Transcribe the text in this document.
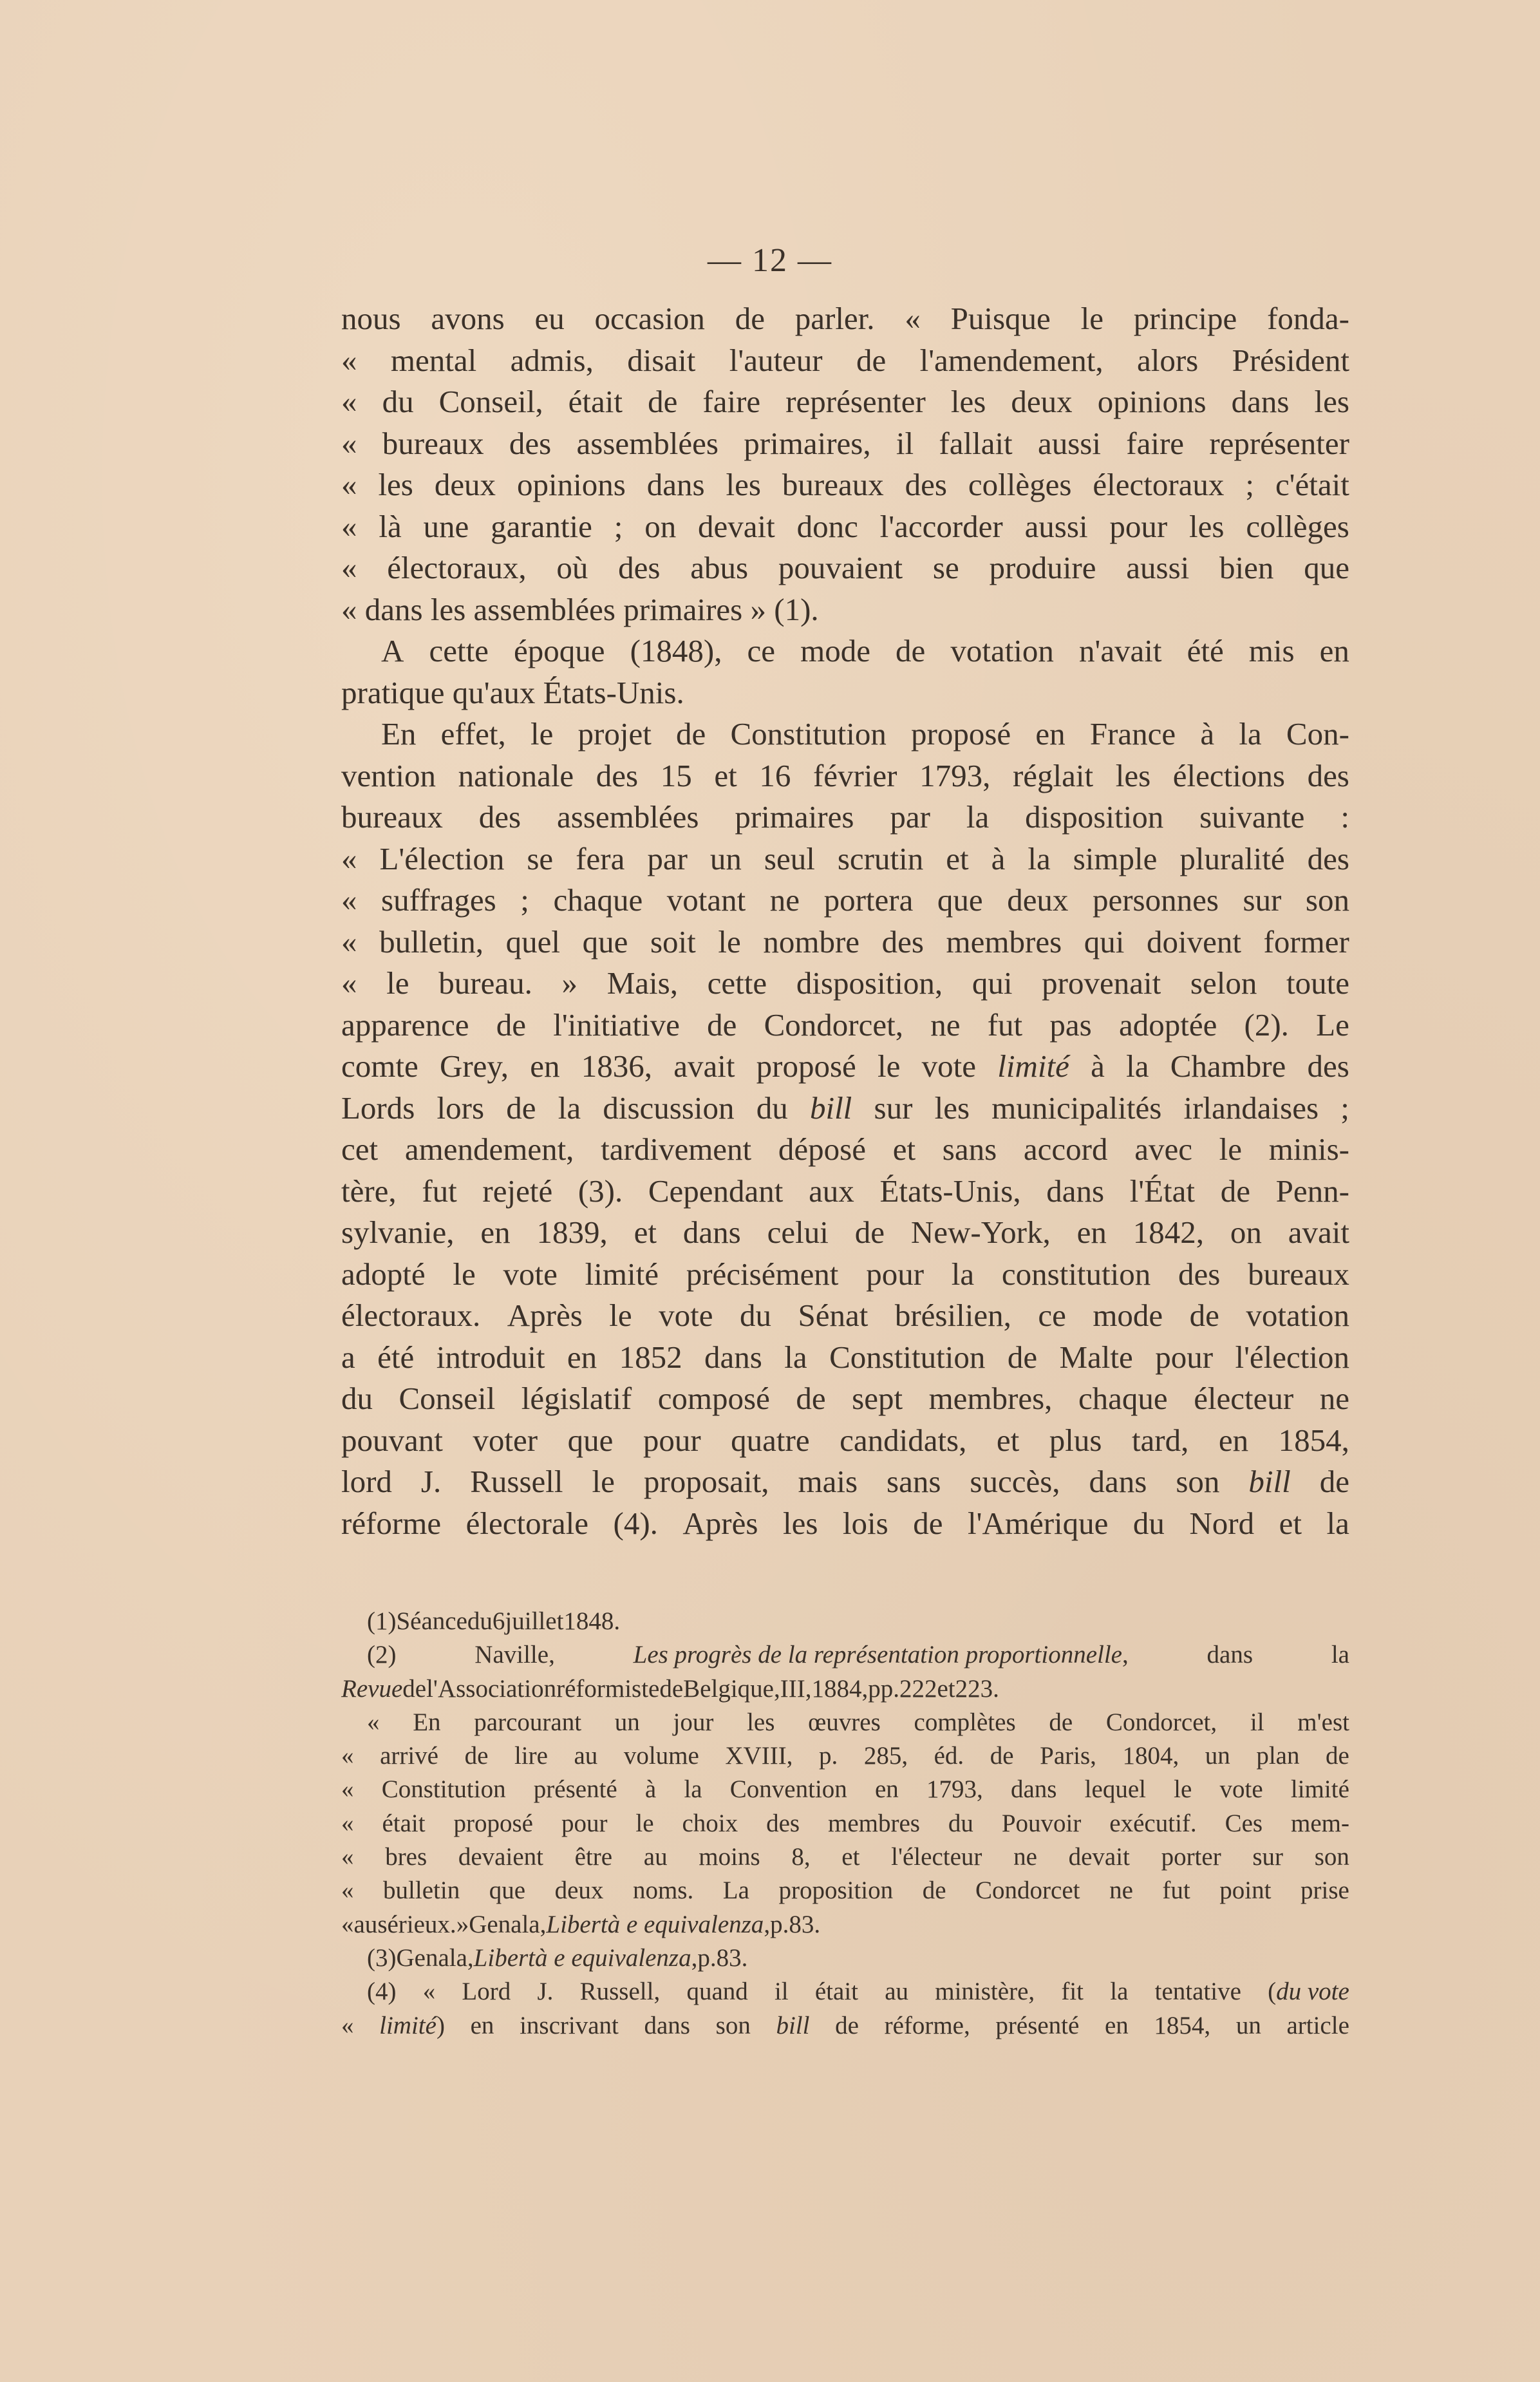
— 12 —
nous avons eu occasion de parler. « Puisque le principe fonda-
« mental admis, disait l'auteur de l'amendement, alors Président
« du Conseil, était de faire représenter les deux opinions dans les
« bureaux des assemblées primaires, il fallait aussi faire représenter
« les deux opinions dans les bureaux des collèges électoraux ; c'était
« là une garantie ; on devait donc l'accorder aussi pour les collèges
« électoraux, où des abus pouvaient se produire aussi bien que
« dans les assemblées primaires » (1).
A cette époque (1848), ce mode de votation n'avait été mis en
pratique qu'aux États-Unis.
En effet, le projet de Constitution proposé en France à la Con-
vention nationale des 15 et 16 février 1793, réglait les élections des
bureaux des assemblées primaires par la disposition suivante :
« L'élection se fera par un seul scrutin et à la simple pluralité des
« suffrages ; chaque votant ne portera que deux personnes sur son
« bulletin, quel que soit le nombre des membres qui doivent former
« le bureau. » Mais, cette disposition, qui provenait selon toute
apparence de l'initiative de Condorcet, ne fut pas adoptée (2). Le
comte Grey, en 1836, avait proposé le vote limité à la Chambre des
Lords lors de la discussion du bill sur les municipalités irlandaises ;
cet amendement, tardivement déposé et sans accord avec le minis-
tère, fut rejeté (3). Cependant aux États-Unis, dans l'État de Penn-
sylvanie, en 1839, et dans celui de New-York, en 1842, on avait
adopté le vote limité précisément pour la constitution des bureaux
électoraux. Après le vote du Sénat brésilien, ce mode de votation
a été introduit en 1852 dans la Constitution de Malte pour l'élection
du Conseil législatif composé de sept membres, chaque électeur ne
pouvant voter que pour quatre candidats, et plus tard, en 1854,
lord J. Russell le proposait, mais sans succès, dans son bill de
réforme électorale (4). Après les lois de l'Amérique du Nord et la
(1) Séance du 6 juillet 1848.
(2)	Naville,	Les progrès de la représentation proportionnelle,	dans	la
Revue de l'Association réformiste de Belgique, III, 1884, pp. 222 et 223.
« En parcourant un jour les œuvres complètes de Condorcet, il m'est
« arrivé de lire au volume XVIII, p. 285, éd. de Paris, 1804, un plan de
« Constitution présenté à la Convention en 1793, dans lequel le vote limité
« était proposé pour le choix des membres du Pouvoir exécutif. Ces mem-
« bres devaient être au moins 8, et l'électeur ne devait porter sur son
« bulletin que deux noms. La proposition de Condorcet ne fut point prise
« au sérieux. » Genala, Libertà e equivalenza, p. 83.
(3) Genala, Libertà e equivalenza, p. 83.
(4) « Lord J. Russell, quand il était au ministère, fit la tentative (du vote
« limité) en inscrivant dans son bill de réforme, présenté en 1854, un article
